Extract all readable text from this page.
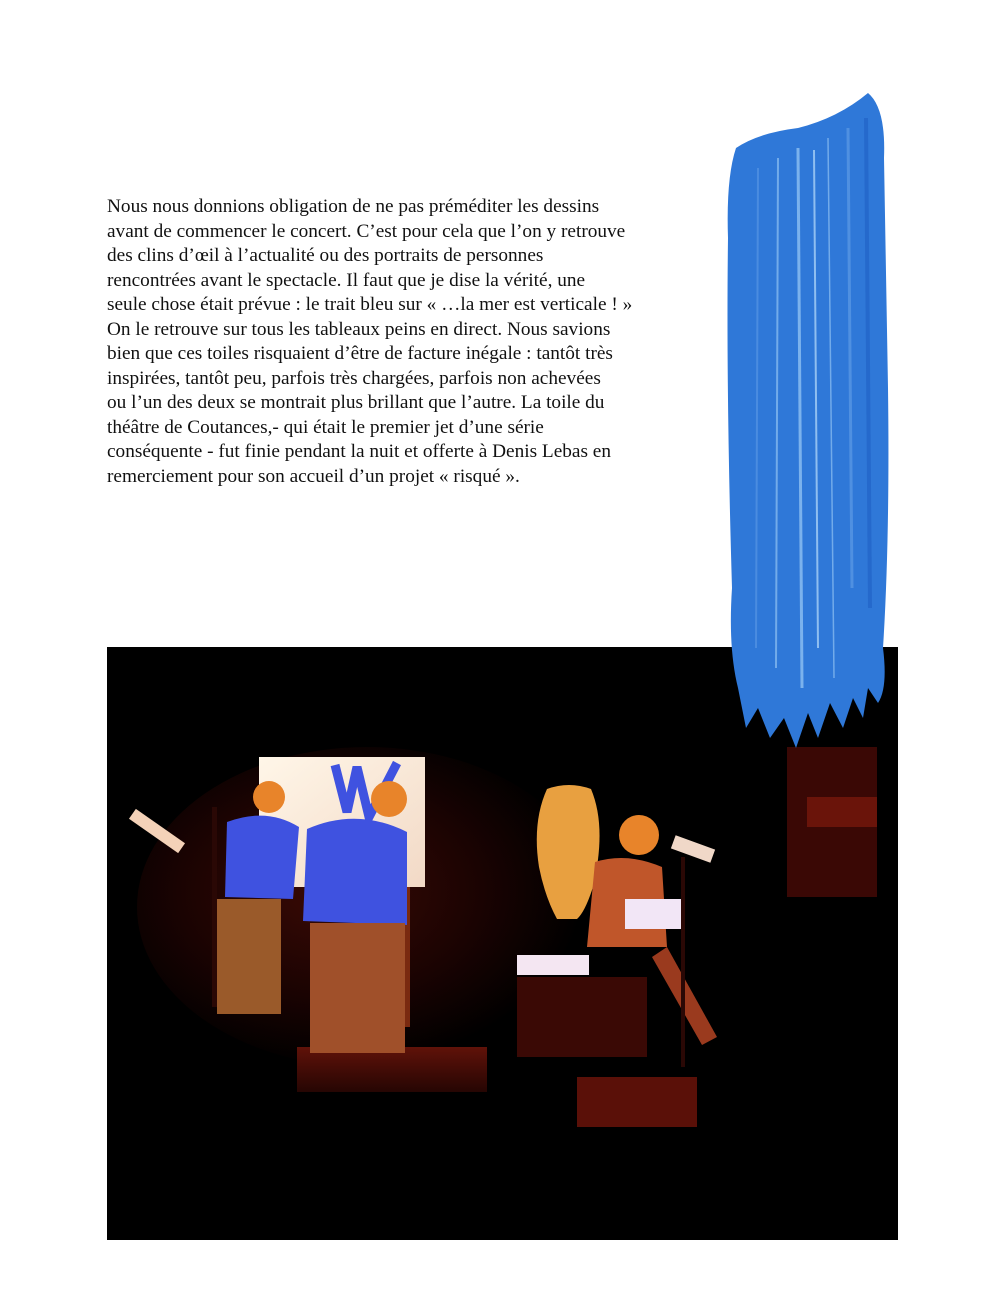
Nous nous donnions obligation de ne pas préméditer les dessins
avant de commencer le concert. C’est pour cela que l’on y retrouve
des clins d’œil à l’actualité ou des portraits de personnes
rencontrées avant le spectacle. Il faut que je dise la vérité, une
seule chose était prévue : le trait bleu sur « …la mer est verticale ! »
On le retrouve sur tous les tableaux peins en direct. Nous savions
bien que ces toiles risquaient d’être de facture inégale : tantôt très
inspirées, tantôt peu, parfois très chargées, parfois non achevées
ou l’un des deux se montrait plus brillant que l’autre. La toile du
théâtre de Coutances,- qui était le premier jet d’une série
conséquente - fut finie pendant la nuit et offerte à Denis Lebas en
remerciement pour son accueil d’un projet « risqué ».
